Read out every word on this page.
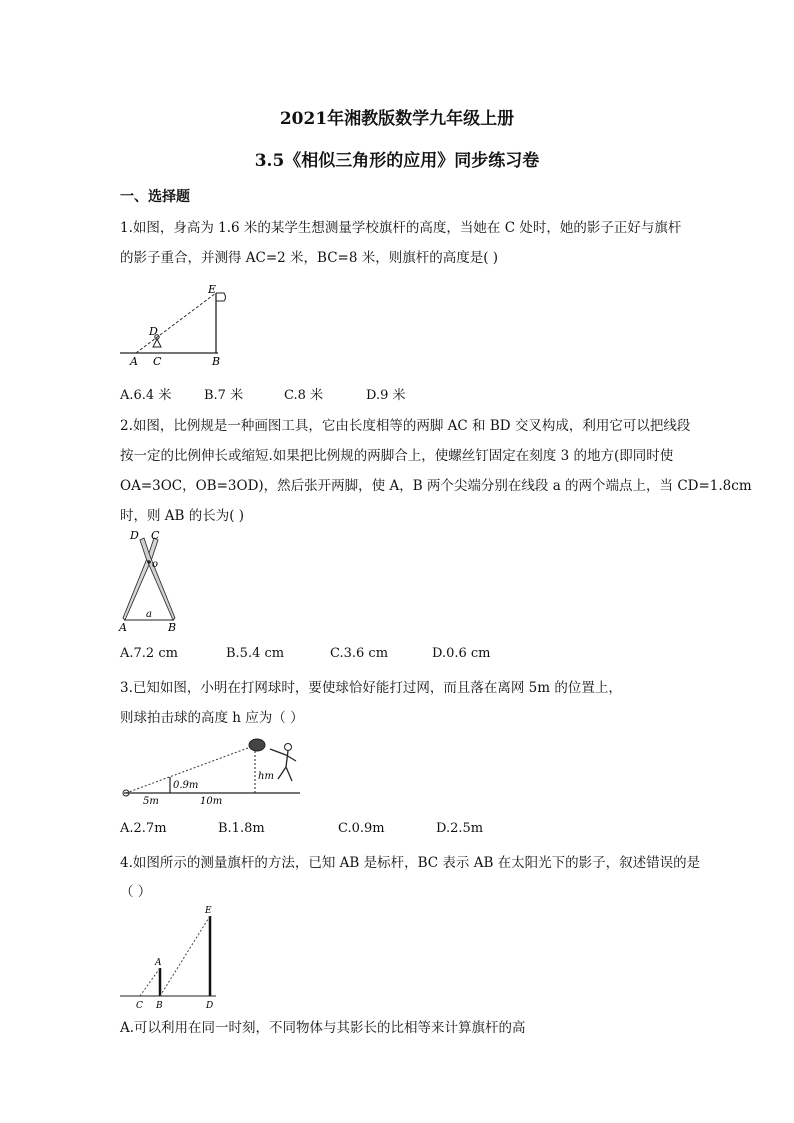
2021年湘教版数学九年级上册
3.5《相似三角形的应用》同步练习卷
一、选择题
1.如图，身高为 1.6 米的某学生想测量学校旗杆的高度，当她在 C 处时，她的影子正好与旗杆
的影子重合，并测得 AC=2 米，BC=8 米，则旗杆的高度是( )
A C	B
D
E
A.6.4 米	B.7 米	C.8 米	D.9 米
2.如图，比例规是一种画图工具，它由长度相等的两脚 AC 和 BD 交叉构成，利用它可以把线段
按一定的比例伸长或缩短.如果把比例规的两脚合上，使螺丝钉固定在刻度 3 的地方(即同时使
OA=3OC，OB=3OD)，然后张开两脚，使 A，B 两个尖端分别在线段 a 的两个端点上，当 CD=1.8cm
时，则 AB 的长为( )
D C
o
a
A	B
A.7.2 cm	B.5.4 cm	C.3.6 cm	D.0.6 cm
3.已知如图，小明在打网球时，要使球恰好能打过网，而且落在离网 5m 的位置上，
则球拍击球的高度 h 应为（ ）
0.9m
5m	10m
hm
A.2.7m	B.1.8m	C.0.9m	D.2.5m
4.如图所示的测量旗杆的方法，已知 AB 是标杆，BC 表示 AB 在太阳光下的影子，叙述错误的是
（ ）
E
A
C B	D
A.可以利用在同一时刻，不同物体与其影长的比相等来计算旗杆的高
